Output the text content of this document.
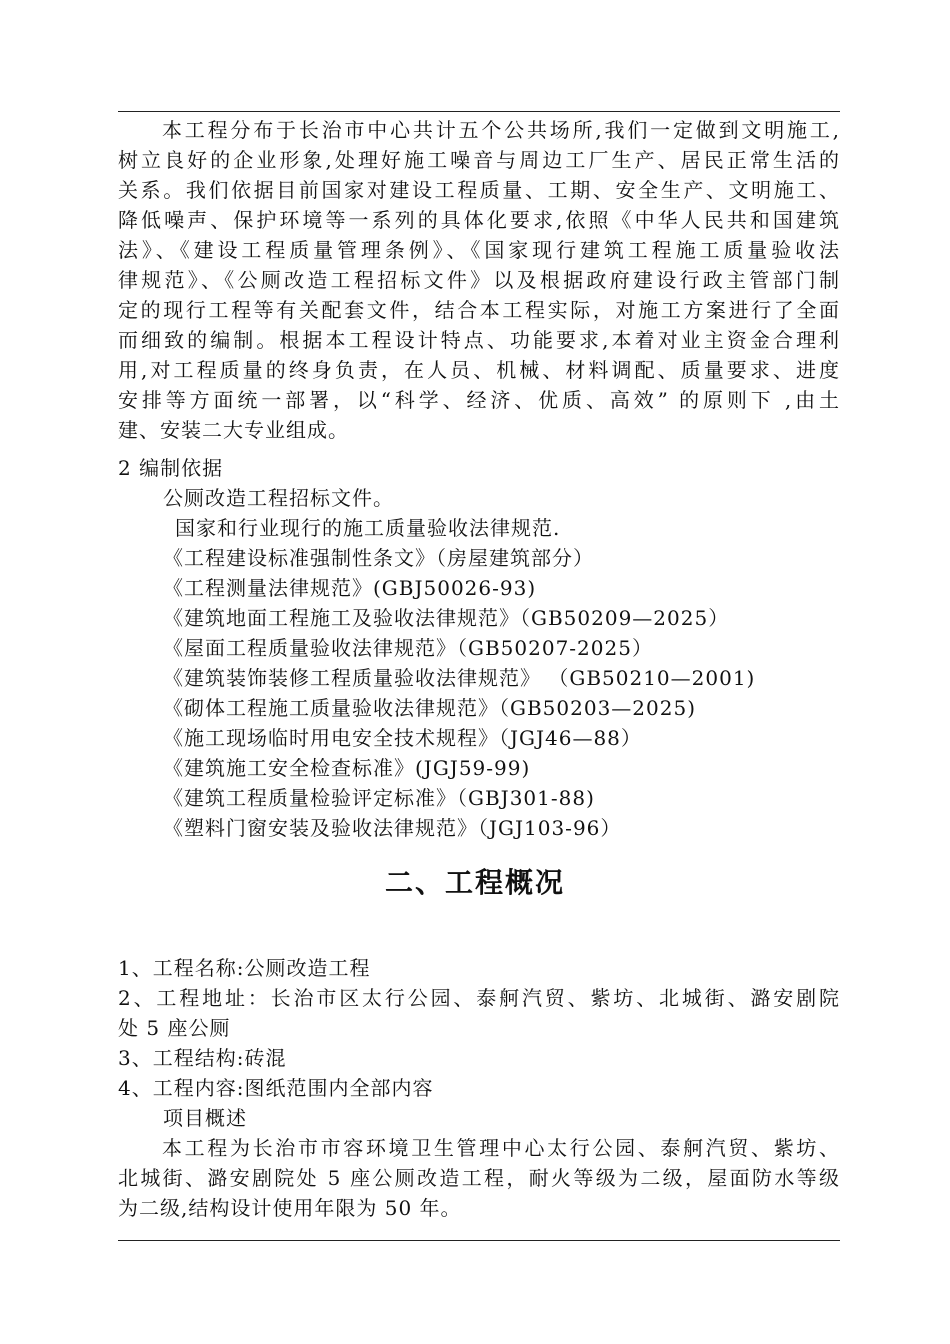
本工程分布于长治市中心共计五个公共场所,我们一定做到文明施工,
树立良好的企业形象,处理好施工噪音与周边工厂生产、居民正常生活的
关系。我们依据目前国家对建设工程质量、工期、安全生产、文明施工、
降低噪声、保护环境等一系列的具体化要求,依照《中华人民共和国建筑
法》、《建设工程质量管理条例》、《国家现行建筑工程施工质量验收法
律规范》、《公厕改造工程招标文件》以及根据政府建设行政主管部门制
定的现行工程等有关配套文件，结合本工程实际，对施工方案进行了全面
而细致的编制。根据本工程设计特点、功能要求,本着对业主资金合理利
用,对工程质量的终身负责，在人员、机械、材料调配、质量要求、进度
安排等方面统一部署，以“科学、经济、优质、高效” 的原则下 ,由土
建、安装二大专业组成。
2 编制依据
公厕改造工程招标文件。
国家和行业现行的施工质量验收法律规范.
《工程建设标准强制性条文》（房屋建筑部分）
《工程测量法律规范》(GBJ50026-93)
《建筑地面工程施工及验收法律规范》（GB50209—2025）
《屋面工程质量验收法律规范》（GB50207-2025）
《建筑装饰装修工程质量验收法律规范》 （GB50210—2001)
《砌体工程施工质量验收法律规范》（GB50203—2025)
《施工现场临时用电安全技术规程》（JGJ46—88）
《建筑施工安全检查标准》(JGJ59-99)
《建筑工程质量检验评定标准》（GBJ301-88)
《塑料门窗安装及验收法律规范》（JGJ103-96）
二、工程概况
1、工程名称:公厕改造工程
2、工程地址：长治市区太行公园、泰舸汽贸、紫坊、北城街、潞安剧院
处 5 座公厕
3、工程结构:砖混
4、工程内容:图纸范围内全部内容
项目概述
本工程为长治市市容环境卫生管理中心太行公园、泰舸汽贸、紫坊、
北城街、潞安剧院处 5 座公厕改造工程，耐火等级为二级，屋面防水等级
为二级,结构设计使用年限为 50 年。
